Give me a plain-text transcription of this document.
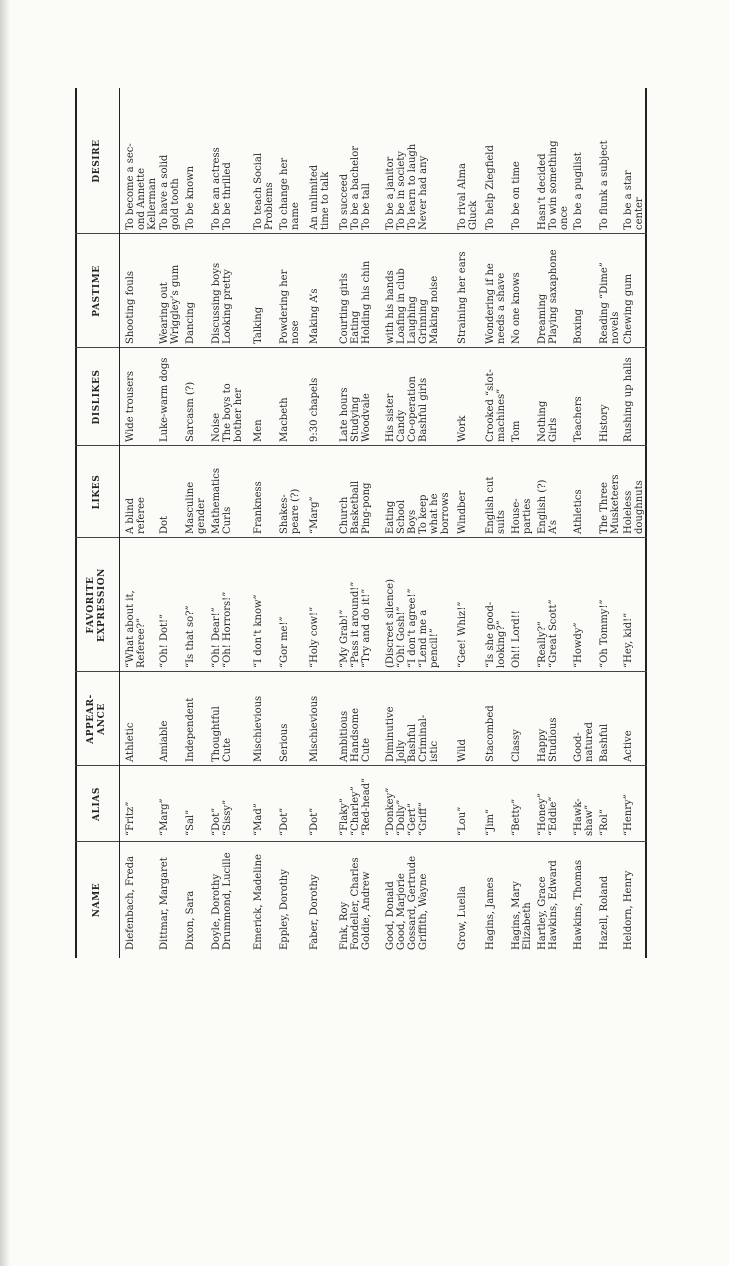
NAME
ALIAS
APPEAR-
ANCE
FAVORITE
EXPRESSION
LIKES
DISLIKES
PASTIME
DESIRE
Diefenbach, Freda
“Fritz”
Athletic
“What about it,
Referee?”
A blind
referee
Wide trousers
Shooting fouls
To become a sec-
ond Annette
Kellerman
Dittmar, Margaret
“Marg”
Amiable
“Oh! Dot!”
Dot
Luke-warm dogs
Wearing out
Wriggley’s gum
To have a solid
gold tooth
Dixon, Sara
“Sal”
Independent
“Is that so?”
Masculine
gender
Sarcasm (?)
Dancing
To be known
Doyle, Dorothy
Drummond, Lucille
“Dot”
“Sissy”
Thoughtful
Cute
“Oh! Dear!”
“Oh! Horrors!”
Mathematics
Curls
Noise
The boys to
bother her
Discussing boys
Looking pretty
To be an actress
To be thrilled
Emerick, Madeline
“Mad”
Mischievious
“I don’t know”
Frankness
Men
Talking
To teach Social
Problems
Eppley, Dorothy
“Dot”
Serious
“Gor me!”
Shakes-
peare (?)
Macbeth
Powdering her
nose
To change her
name
Faber, Dorothy
“Dot”
Mischievious
“Holy cow!”
“Marg”
9:30 chapels
Making A’s
An unlimited
time to talk
Fink, Roy
Fondeller, Charles
Goldie, Andrew
“Flaky”
“Charley”
“Red-head”
Ambitious
Handsome
Cute
“My Grab!”
“Pass it around!”
“Try and do it!”
Church
Basketball
Ping-pong
Late hours
Studying
Woodvale
Courting girls
Eating
Holding his chin
To succeed
To be a bachelor
To be tall
Good, Donald
Good, Marjorie
Gossard, Gertrude
Griffith, Wayne
“Donkey”
“Dolly”
“Gert”
“Griff”
Diminutive
Jolly
Bashful
Criminal-
istic
(Discreet silence)
“Oh! Gosh!”
“I don’t agree!”
“Lend me a
pencil!”
Eating
School
Boys
To keep
what he
borrows
His sister
Candy
Co-operation
Bashful girls
with his hands
Loafing in club
Laughing
Grinning
Making noise
To be a janitor
To be in society
To learn to laugh
Never had any
Grow, Luella
“Lou”
Wild
“Gee! Whiz!”
Windber
Work
Straining her ears
To rival Alma
Gluck
Hagins, James
“Jim”
Stacombed
“Is she good-
looking?”
English cut
suits
Crooked “slot-
machines”
Wondering if he
needs a shave
To help Ziegfield
Hagins, Mary
Elizabeth
“Betty”
Classy
Oh!! Lord!!
House-
parties
Tom
No one knows
To be on time
Hartley, Grace
Hawkins, Edward
“Honey”
“Eddie”
Happy
Studious
“Really?”
“Great Scott”
English (?)
A’s
Nothing
Girls
Dreaming
Playing saxaphone
Hasn’t decided
To win something
once
Hawkins, Thomas
“Hawk-
shaw”
Good-
natured
“Howdy”
Athletics
Teachers
Boxing
To be a pugilist
Hazell, Roland
“Rol”
Bashful
“Oh Tommy!”
The Three
Musketeers
History
Reading “Dime”
novels
To flunk a subject
Heldorn, Henry
“Henry”
Active
“Hey, kid!”
Holeless
doughnuts
Rushing up halls
Chewing gum
To be a star
center
